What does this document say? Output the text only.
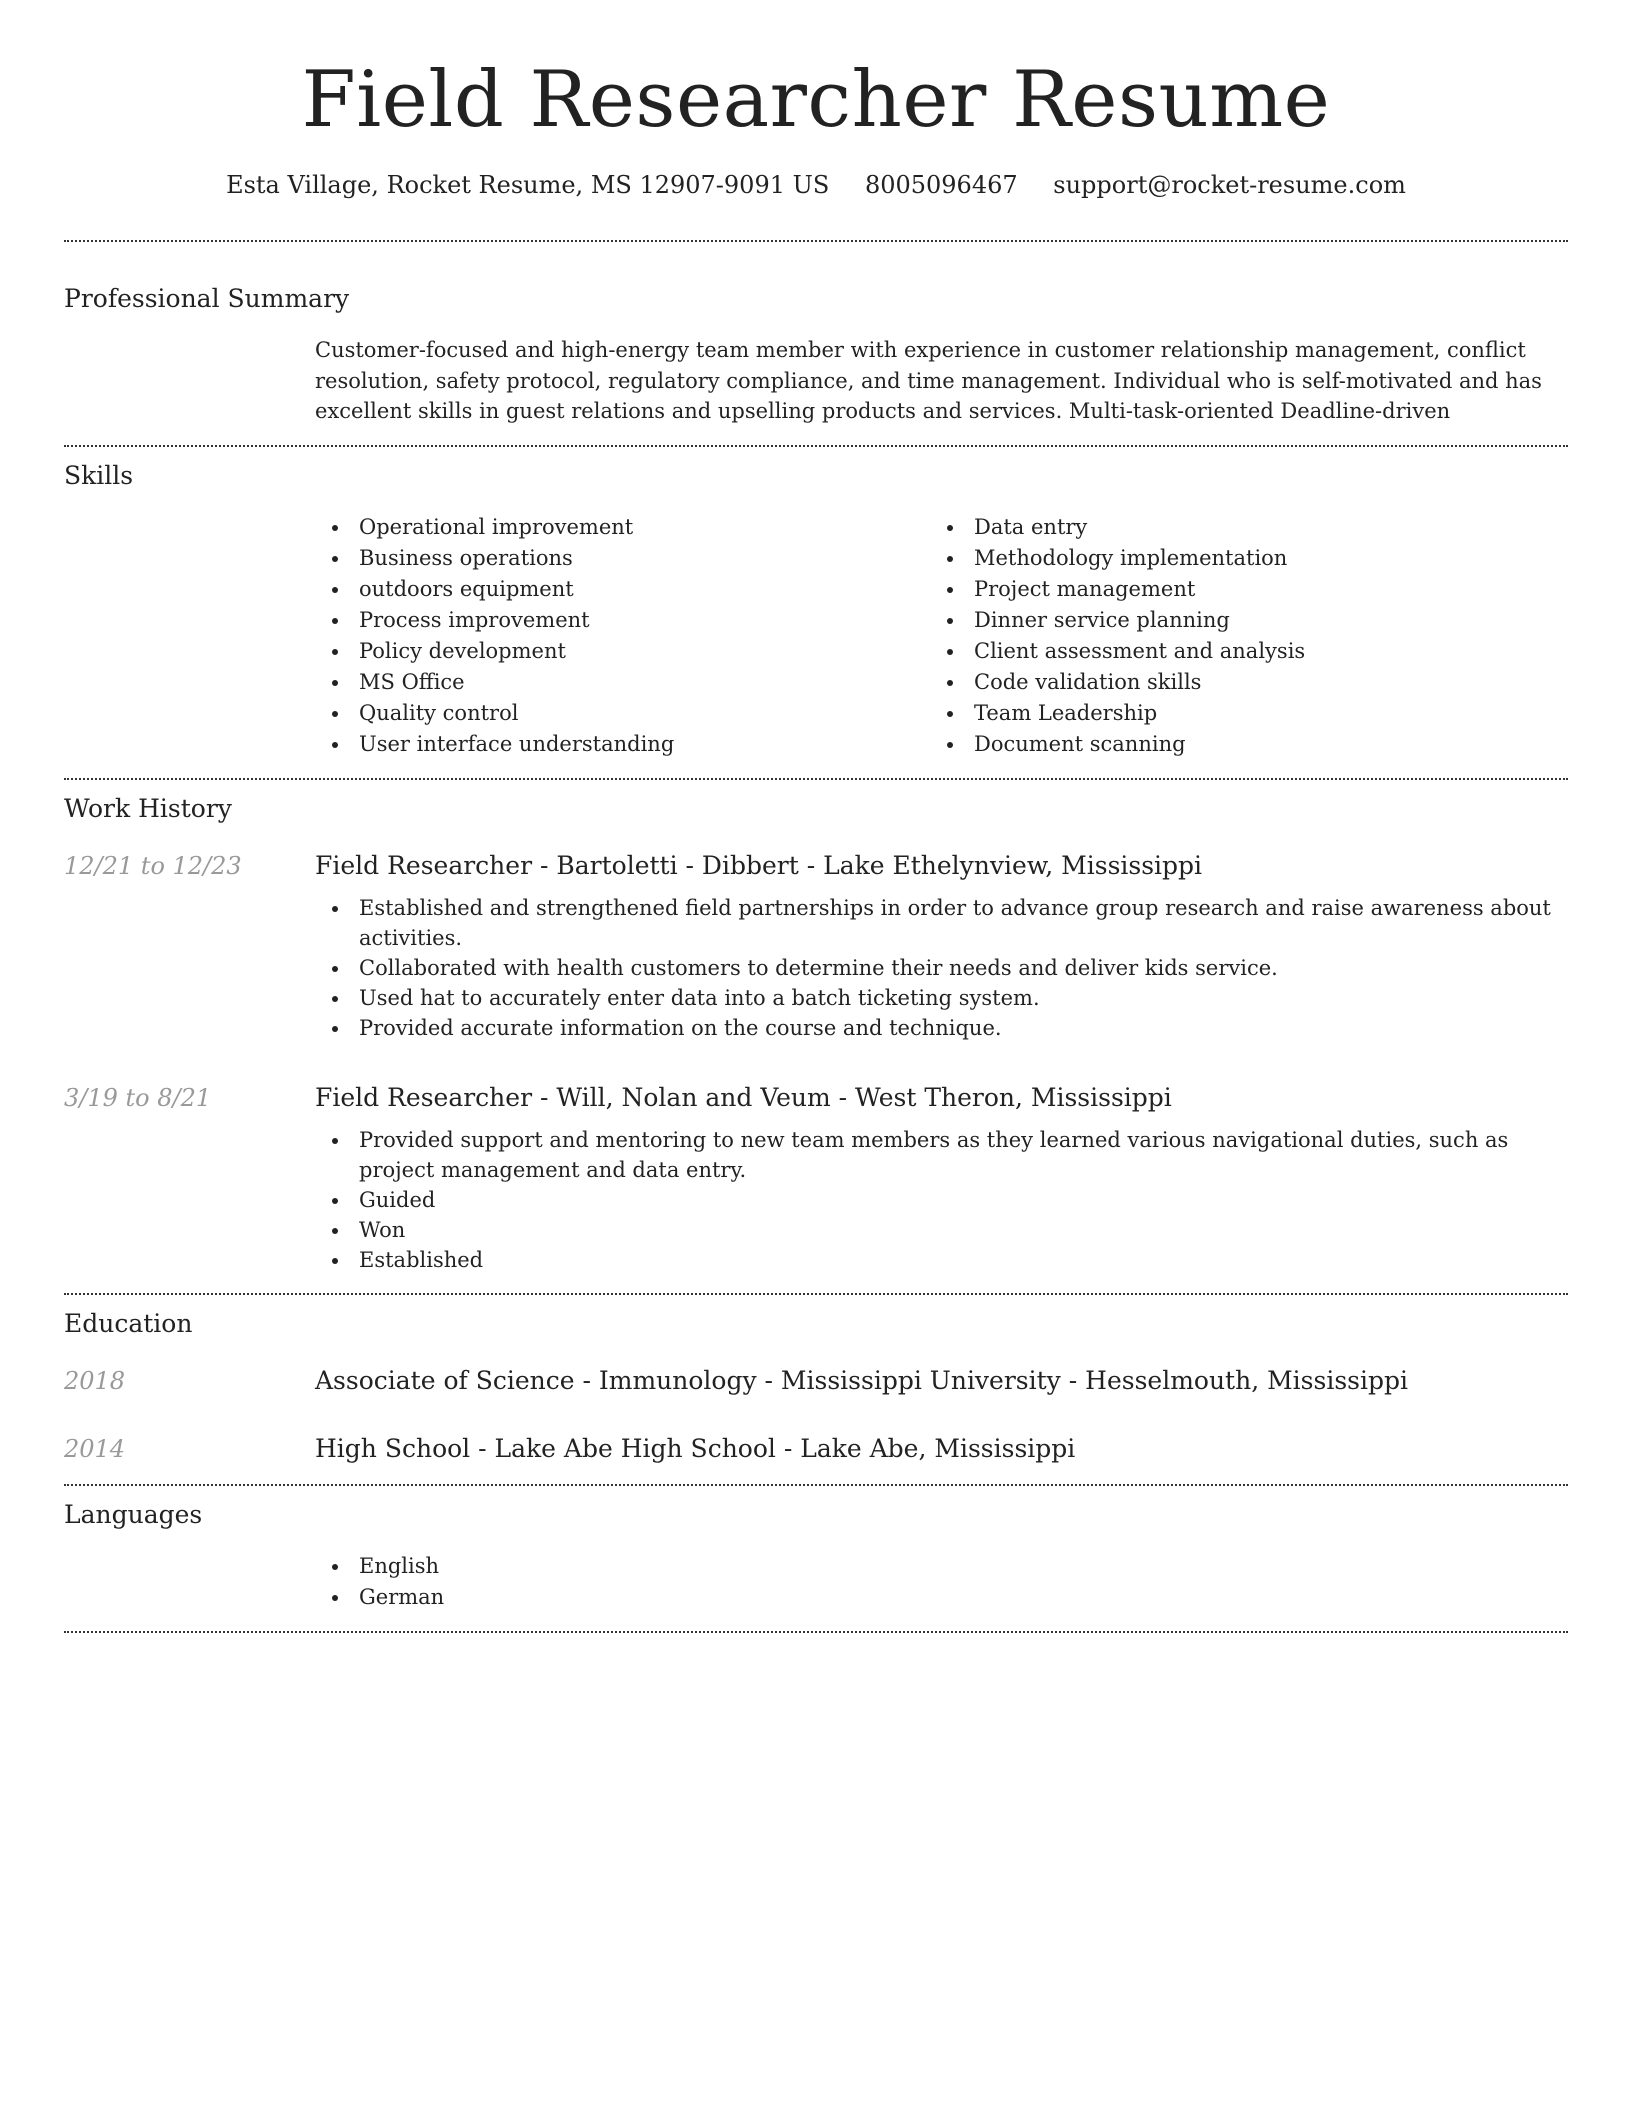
Field Researcher Resume
Esta Village, Rocket Resume, MS 12907-9091 US 8005096467 support@rocket-resume.com
Professional Summary
Customer-focused and high-energy team member with experience in customer relationship management, conflict resolution, safety protocol, regulatory compliance, and time management. Individual who is self-motivated and has excellent skills in guest relations and upselling products and services. Multi-task-oriented Deadline-driven
Skills
Operational improvement
Business operations
outdoors equipment
Process improvement
Policy development
MS Office
Quality control
User interface understanding
Data entry
Methodology implementation
Project management
Dinner service planning
Client assessment and analysis
Code validation skills
Team Leadership
Document scanning
Work History
12/21 to 12/23	Field Researcher - Bartoletti - Dibbert - Lake Ethelynview, Mississippi
Established and strengthened field partnerships in order to advance group research and raise awareness about activities.
Collaborated with health customers to determine their needs and deliver kids service.
Used hat to accurately enter data into a batch ticketing system.
Provided accurate information on the course and technique.
3/19 to 8/21	Field Researcher - Will, Nolan and Veum - West Theron, Mississippi
Provided support and mentoring to new team members as they learned various navigational duties, such as project management and data entry.
Guided
Won
Established
Education
2018	Associate of Science - Immunology - Mississippi University - Hesselmouth, Mississippi
2014	High School - Lake Abe High School - Lake Abe, Mississippi
Languages
English
German
